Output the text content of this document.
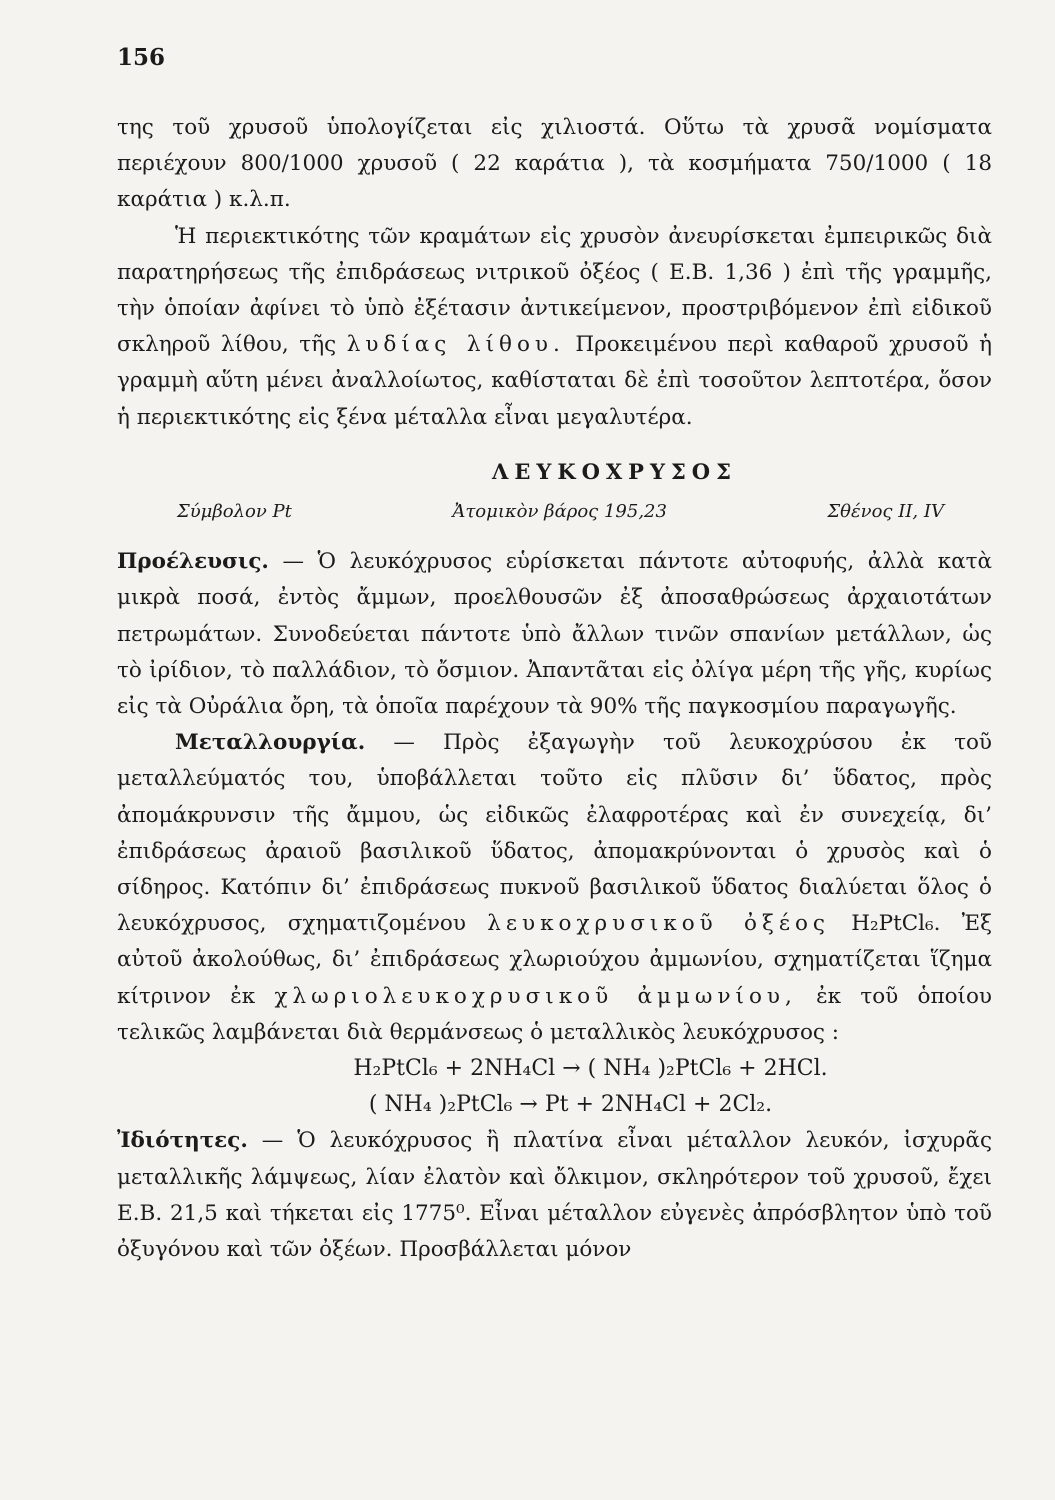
156

της τοῦ χρυσοῦ ὑπολογίζεται εἰς χιλιοστά. Οὕτω τὰ χρυσᾶ νομίσματα περιέχουν 800/1000 χρυσοῦ ( 22 καράτια ), τὰ κοσμήματα 750/1000 ( 18 καράτια ) κ.λ.π.

Ἡ περιεκτικότης τῶν κραμάτων εἰς χρυσὸν ἀνευρίσκεται ἐμπειρικῶς διὰ παρατηρήσεως τῆς ἐπιδράσεως νιτρικοῦ ὀξέος ( Ε.Β. 1,36 ) ἐπὶ τῆς γραμμῆς, τὴν ὁποίαν ἀφίνει τὸ ὑπὸ ἐξέτασιν ἀντικείμενον, προστριβόμενον ἐπὶ εἰδικοῦ σκληροῦ λίθου, τῆς λυδίας λίθου. Προκειμένου περὶ καθαροῦ χρυσοῦ ἡ γραμμὴ αὕτη μένει ἀναλλοίωτος, καθίσταται δὲ ἐπὶ τοσοῦτον λεπτοτέρα, ὅσον ἡ περιεκτικότης εἰς ξένα μέταλλα εἶναι μεγαλυτέρα.

ΛΕΥΚΟΧΡΥΣΟΣ
Σύμβολον Pt	Ἀτομικὸν βάρος 195,23	Σθένος II, IV

Προέλευσις. — Ὁ λευκόχρυσος εὑρίσκεται πάντοτε αὐτοφυής, ἀλλὰ κατὰ μικρὰ ποσά, ἐντὸς ἄμμων, προελθουσῶν ἐξ ἀποσαθρώσεως ἀρχαιοτάτων πετρωμάτων. Συνοδεύεται πάντοτε ὑπὸ ἄλλων τινῶν σπανίων μετάλλων, ὡς τὸ ἰρίδιον, τὸ παλλάδιον, τὸ ὄσμιον. Ἀπαντᾶται εἰς ὀλίγα μέρη τῆς γῆς, κυρίως εἰς τὰ Οὐράλια ὄρη, τὰ ὁποῖα παρέχουν τὰ 90% τῆς παγκοσμίου παραγωγῆς.

Μεταλλουργία. — Πρὸς ἐξαγωγὴν τοῦ λευκοχρύσου ἐκ τοῦ μεταλλεύματός του, ὑποβάλλεται τοῦτο εἰς πλῦσιν δι’ ὕδατος, πρὸς ἀπομάκρυνσιν τῆς ἄμμου, ὡς εἰδικῶς ἐλαφροτέρας καὶ ἐν συνεχείᾳ, δι’ ἐπιδράσεως ἀραιοῦ βασιλικοῦ ὕδατος, ἀπομακρύνονται ὁ χρυσὸς καὶ ὁ σίδηρος. Κατόπιν δι’ ἐπιδράσεως πυκνοῦ βασιλικοῦ ὕδατος διαλύεται ὅλος ὁ λευκόχρυσος, σχηματιζομένου λευκοχρυσικοῦ ὀξέος H₂PtCl₆. Ἐξ αὐτοῦ ἀκολούθως, δι’ ἐπιδράσεως χλωριούχου ἀμμωνίου, σχηματίζεται ἵζημα κίτρινον ἐκ χλωριολευκοχρυσικοῦ ἀμμωνίου, ἐκ τοῦ ὁποίου τελικῶς λαμβάνεται διὰ θερμάνσεως ὁ μεταλλικὸς λευκόχρυσος :

H₂PtCl₆ + 2NH₄Cl → ( NH₄ )₂PtCl₆ + 2HCl.

( NH₄ )₂PtCl₆ → Pt + 2NH₄Cl + 2Cl₂.

Ἰδιότητες. — Ὁ λευκόχρυσος ἢ πλατίνα εἶναι μέταλλον λευκόν, ἰσχυρᾶς μεταλλικῆς λάμψεως, λίαν ἐλατὸν καὶ ὄλκιμον, σκληρότερον τοῦ χρυσοῦ, ἔχει Ε.Β. 21,5 καὶ τήκεται εἰς 1775⁰. Εἶναι μέταλλον εὐγενὲς ἀπρόσβλητον ὑπὸ τοῦ ὀξυγόνου καὶ τῶν ὀξέων. Προσβάλλεται μόνον
